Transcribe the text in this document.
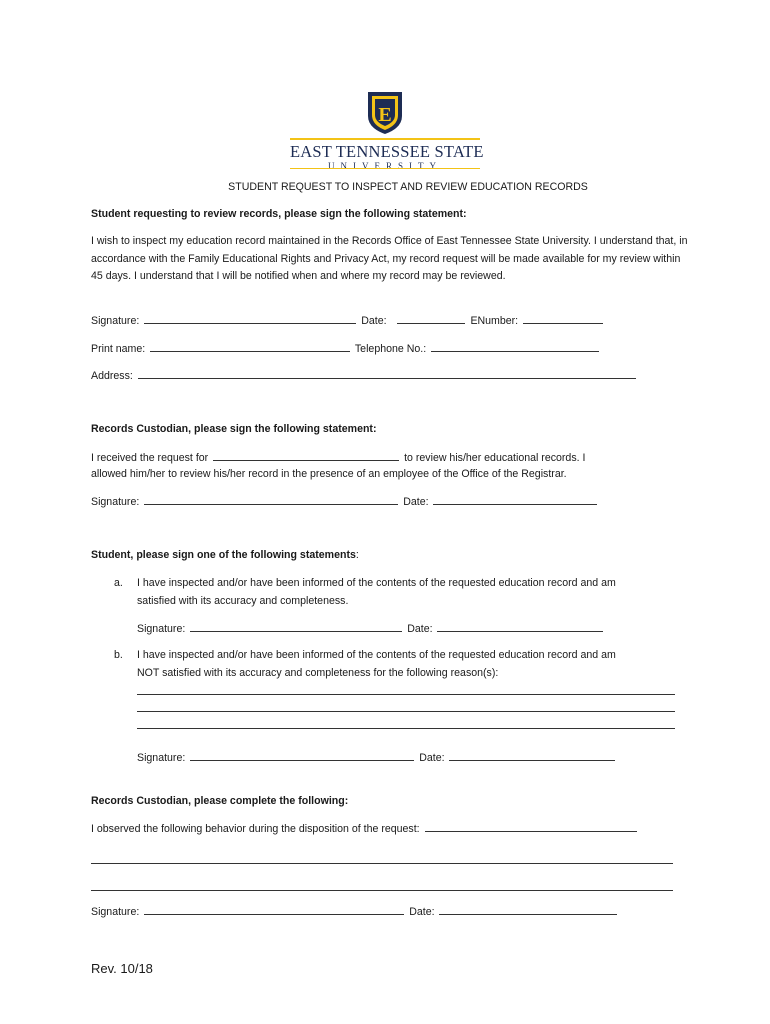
E
EAST TENNESSEE STATE
UNIVERSITY
STUDENT REQUEST TO INSPECT AND REVIEW EDUCATION RECORDS
Student requesting to review records, please sign the following statement:
I wish to inspect my education record maintained in the Records Office of East Tennessee State University. I understand that, in accordance with the Family Educational Rights and Privacy Act, my record request will be made available for my review within 45 days. I understand that I will be notified when and where my record may be reviewed.
Signature:	Date:	ENumber:
Print name:	Telephone No.:
Address:
Records Custodian, please sign the following statement:
I received the request for	to review his/her educational records. I
allowed him/her to review his/her record in the presence of an employee of the Office of the Registrar.
Signature:	Date:
Student, please sign one of the following statements:
a. I have inspected and/or have been informed of the contents of the requested education record and am
satisfied with its accuracy and completeness.
Signature:	Date:
b. I have inspected and/or have been informed of the contents of the requested education record and am
NOT satisfied with its accuracy and completeness for the following reason(s):
Signature:	Date:
Records Custodian, please complete the following:
I observed the following behavior during the disposition of the request:
Signature:	Date:
Rev. 10/18
